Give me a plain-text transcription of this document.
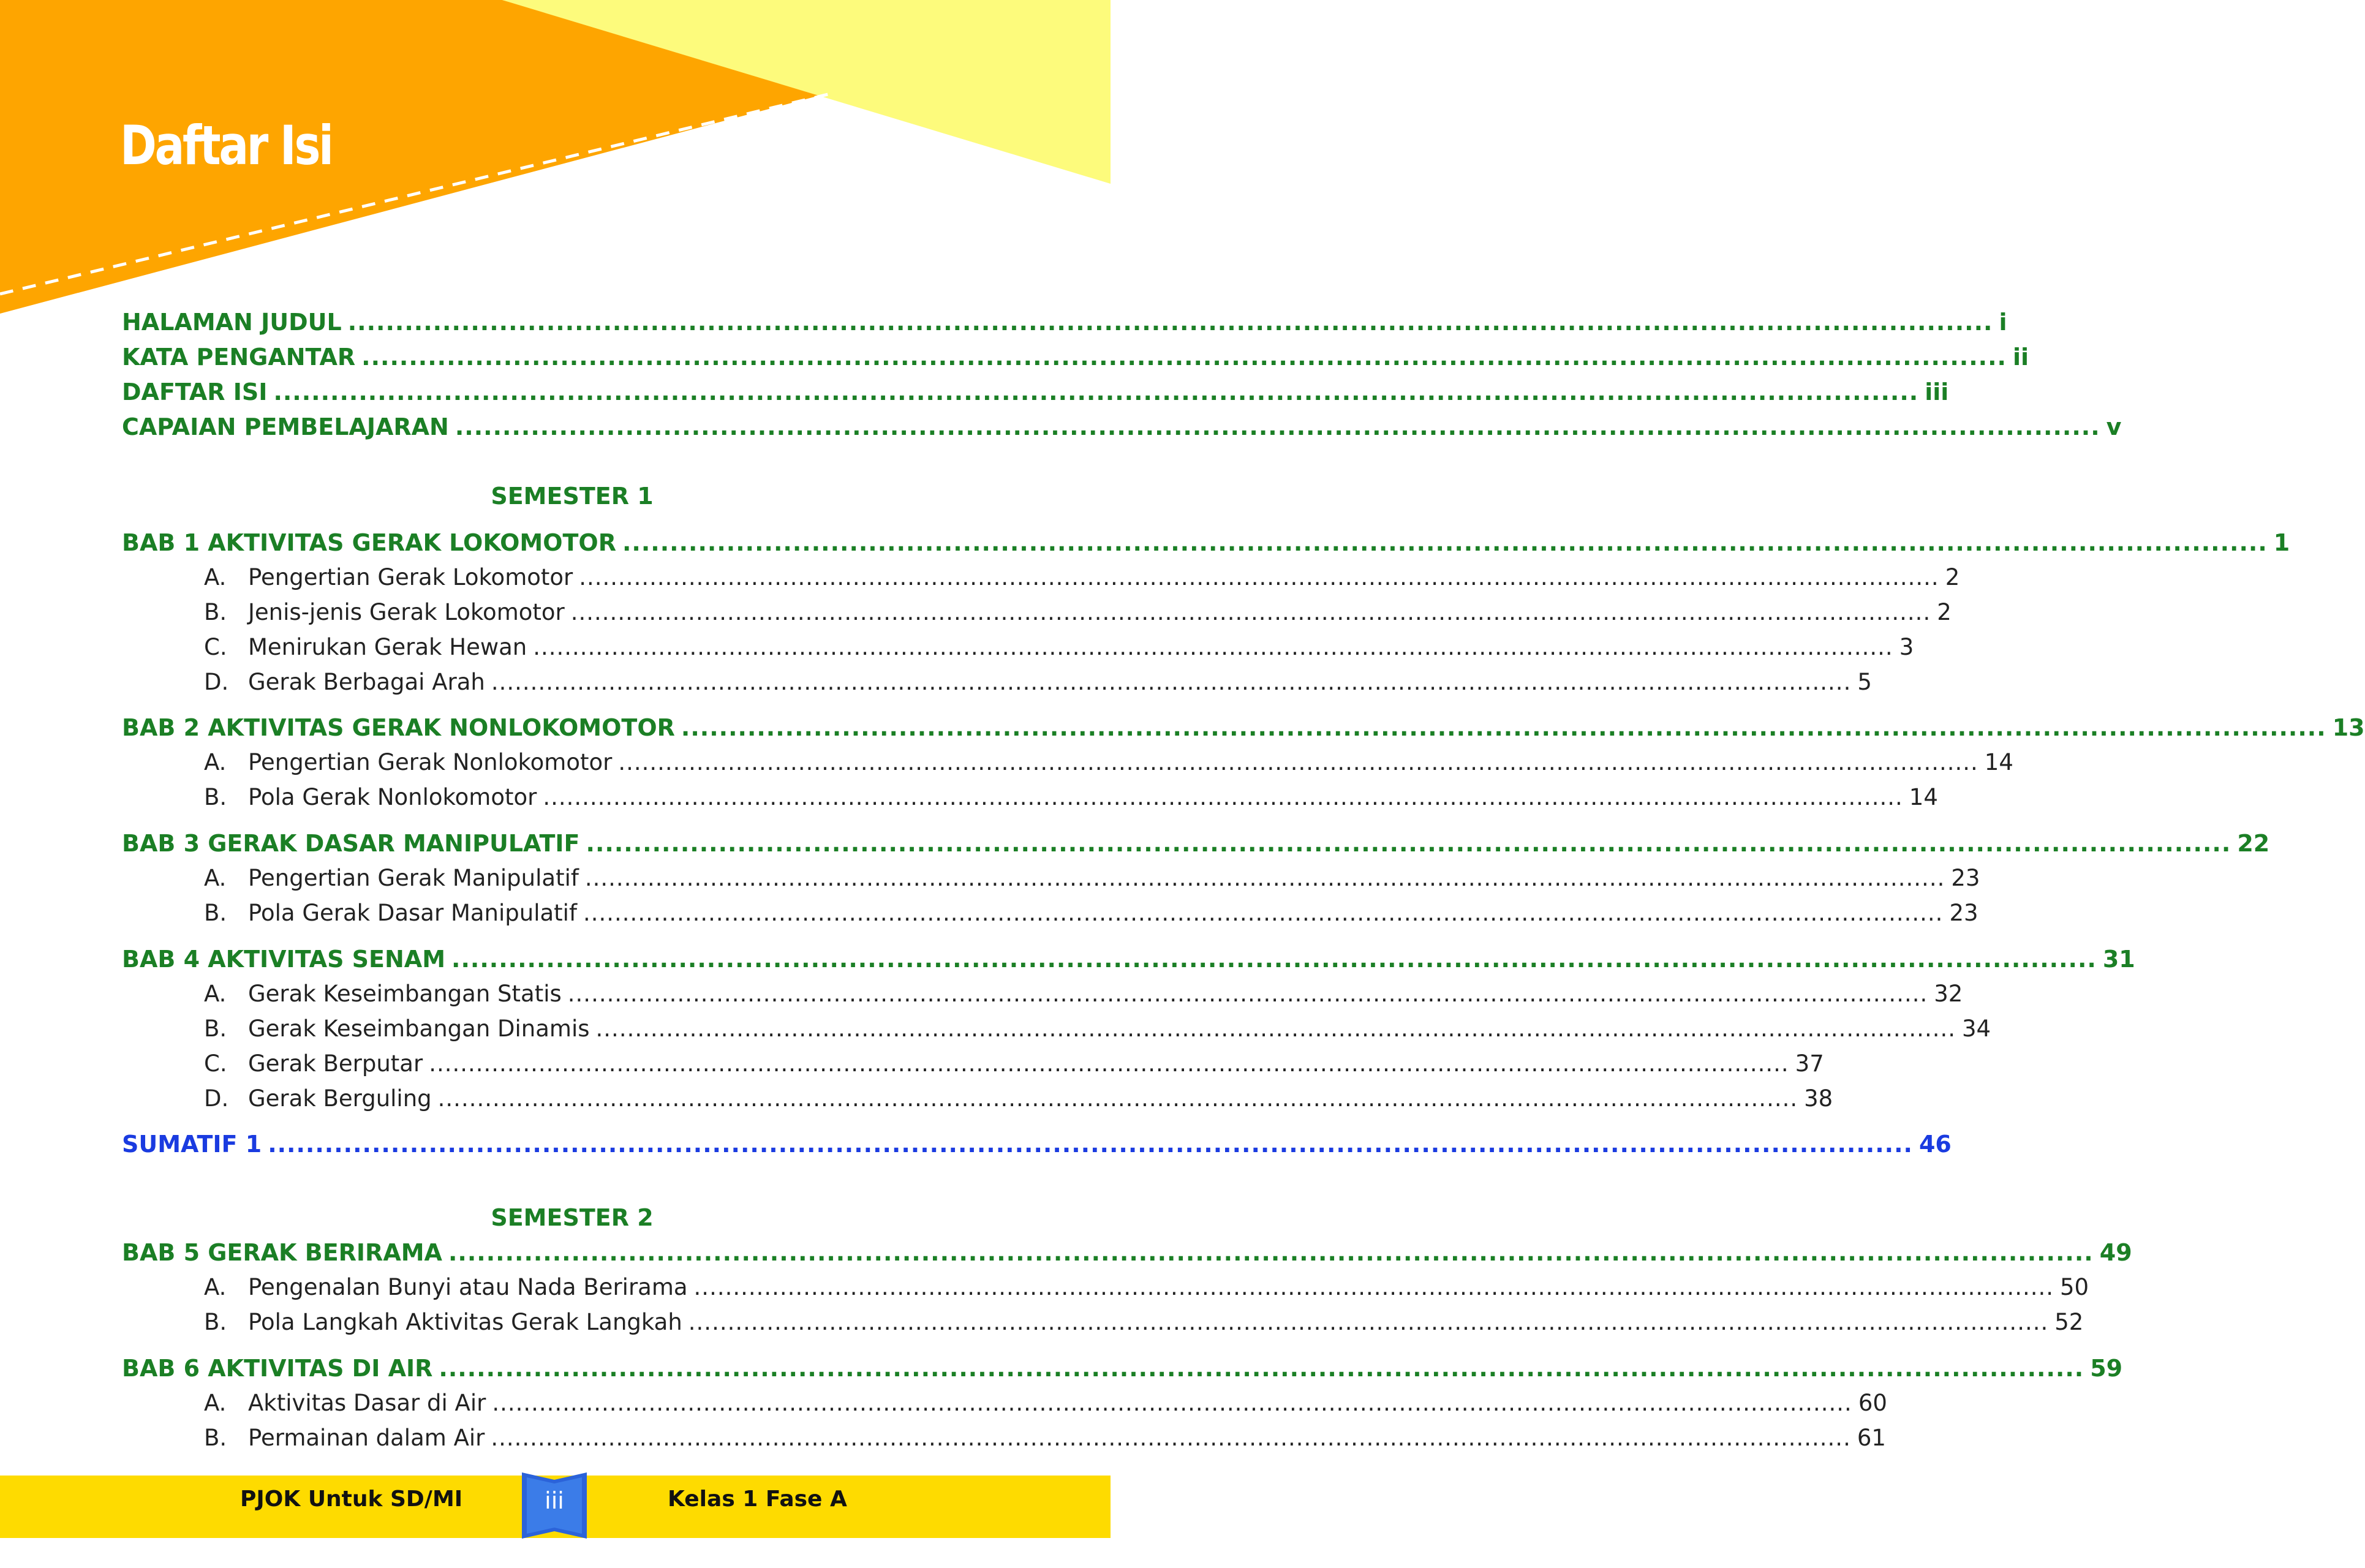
Daftar Isi
HALAMAN JUDUL .............................................................................................................................................................................. i
KATA PENGANTAR .............................................................................................................................................................................. ii
DAFTAR ISI .............................................................................................................................................................................. iii
CAPAIAN PEMBELAJARAN .............................................................................................................................................................................. v
SEMESTER 1
BAB 1 AKTIVITAS GERAK LOKOMOTOR .............................................................................................................................................................................. 1
A. Pengertian Gerak Lokomotor .............................................................................................................................................................................. 2
B. Jenis-jenis Gerak Lokomotor .............................................................................................................................................................................. 2
C. Menirukan Gerak Hewan .............................................................................................................................................................................. 3
D. Gerak Berbagai Arah .............................................................................................................................................................................. 5
BAB 2 AKTIVITAS GERAK NONLOKOMOTOR .............................................................................................................................................................................. 13
A. Pengertian Gerak Nonlokomotor .............................................................................................................................................................................. 14
B. Pola Gerak Nonlokomotor .............................................................................................................................................................................. 14
BAB 3 GERAK DASAR MANIPULATIF .............................................................................................................................................................................. 22
A. Pengertian Gerak Manipulatif .............................................................................................................................................................................. 23
B. Pola Gerak Dasar Manipulatif .............................................................................................................................................................................. 23
BAB 4 AKTIVITAS SENAM .............................................................................................................................................................................. 31
A. Gerak Keseimbangan Statis .............................................................................................................................................................................. 32
B. Gerak Keseimbangan Dinamis .............................................................................................................................................................................. 34
C. Gerak Berputar .............................................................................................................................................................................. 37
D. Gerak Berguling .............................................................................................................................................................................. 38
SUMATIF 1 .............................................................................................................................................................................. 46
SEMESTER 2
BAB 5 GERAK BERIRAMA .............................................................................................................................................................................. 49
A. Pengenalan Bunyi atau Nada Berirama .............................................................................................................................................................................. 50
B. Pola Langkah Aktivitas Gerak Langkah .............................................................................................................................................................................. 52
BAB 6 AKTIVITAS DI AIR .............................................................................................................................................................................. 59
A. Aktivitas Dasar di Air .............................................................................................................................................................................. 60
B. Permainan dalam Air .............................................................................................................................................................................. 61
PJOK Untuk SD/MI	iii	Kelas 1 Fase A
